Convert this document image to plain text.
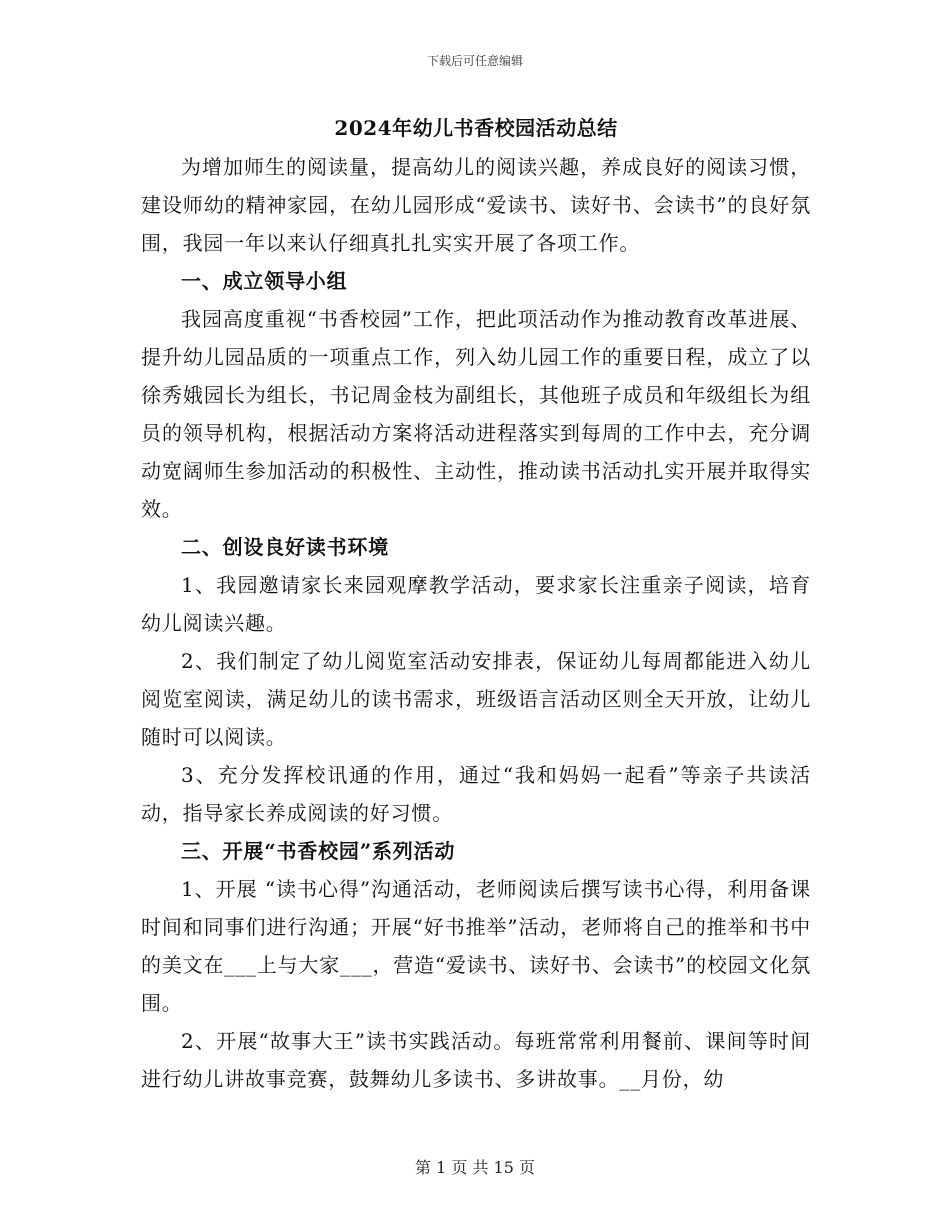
下载后可任意编辑
2024年幼儿书香校园活动总结

为增加师生的阅读量，提高幼儿的阅读兴趣，养成良好的阅读习惯，建设师幼的精神家园，在幼儿园形成“爱读书、读好书、会读书”的良好氛围，我园一年以来认仔细真扎扎实实开展了各项工作。

一、成立领导小组

我园高度重视“书香校园”工作，把此项活动作为推动教育改革进展、提升幼儿园品质的一项重点工作，列入幼儿园工作的重要日程，成立了以徐秀娥园长为组长，书记周金枝为副组长，其他班子成员和年级组长为组员的领导机构，根据活动方案将活动进程落实到每周的工作中去，充分调动宽阔师生参加活动的积极性、主动性，推动读书活动扎实开展并取得实效。

二、创设良好读书环境

1、我园邀请家长来园观摩教学活动，要求家长注重亲子阅读，培育幼儿阅读兴趣。

2、我们制定了幼儿阅览室活动安排表，保证幼儿每周都能进入幼儿阅览室阅读，满足幼儿的读书需求，班级语言活动区则全天开放，让幼儿随时可以阅读。

3、充分发挥校讯通的作用，通过“我和妈妈一起看”等亲子共读活动，指导家长养成阅读的好习惯。

三、开展“书香校园”系列活动

1、开展 “读书心得”沟通活动，老师阅读后撰写读书心得，利用备课时间和同事们进行沟通；开展“好书推举”活动，老师将自己的推举和书中的美文在___上与大家___，营造“爱读书、读好书、会读书”的校园文化氛围。

2、开展“故事大王”读书实践活动。每班常常利用餐前、课间等时间进行幼儿讲故事竞赛，鼓舞幼儿多读书、多讲故事。__月份，幼

第 1 页 共 15 页
